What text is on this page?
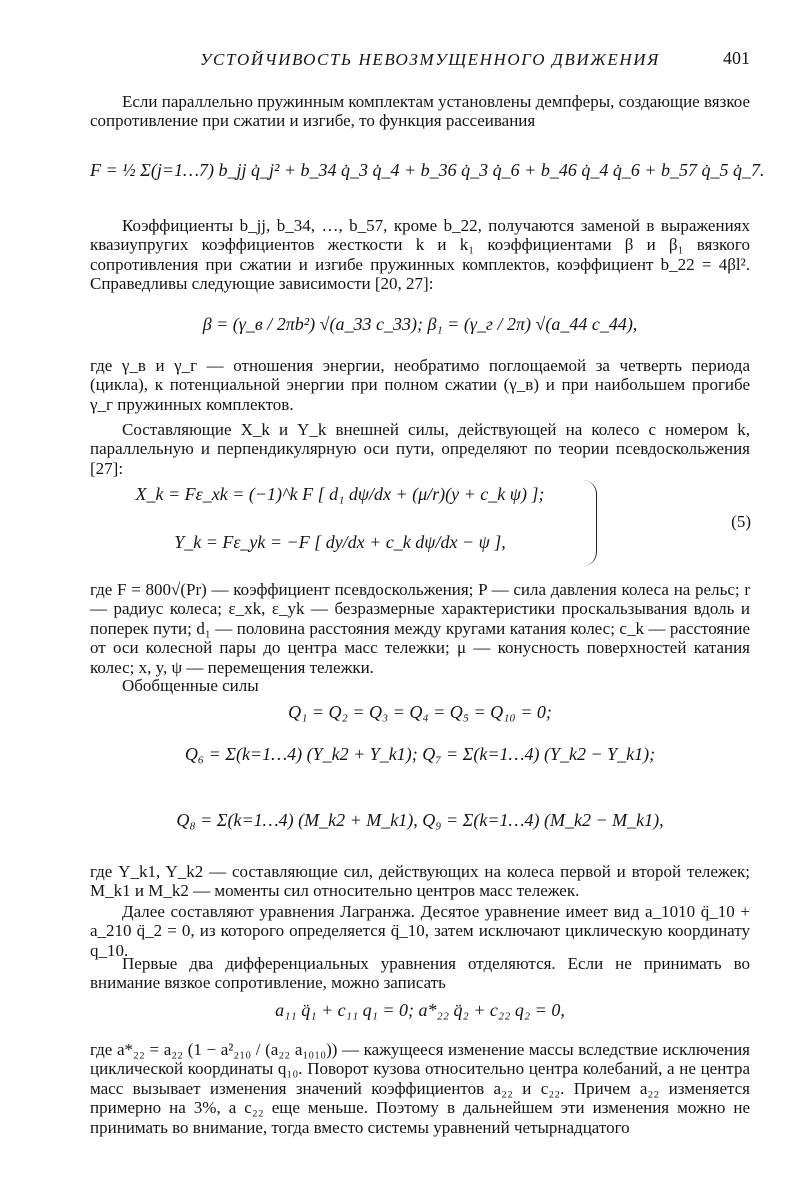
УСТОЙЧИВОСТЬ НЕВОЗМУЩЕННОГО ДВИЖЕНИЯ	401
Если параллельно пружинным комплектам установлены демпферы, создающие вязкое сопротивление при сжатии и изгибе, то функция рассеивания
F = ½ Σ(j=1…7) b_jj q̇_j² + b_34 q̇_3 q̇_4 + b_36 q̇_3 q̇_6 + b_46 q̇_4 q̇_6 + b_57 q̇_5 q̇_7.
Коэффициенты b_jj, b_34, …, b_57, кроме b_22, получаются заменой в выражениях квазиупругих коэффициентов жесткости k и k₁ коэффициентами β и β₁ вязкого сопротивления при сжатии и изгибе пружинных комплектов, коэффициент b_22 = 4βl². Справедливы следующие зависимости [20, 27]:
β = (γ_в / 2πb²) √(a_33 c_33); β₁ = (γ_г / 2π) √(a_44 c_44),
где γ_в и γ_г — отношения энергии, необратимо поглощаемой за четверть периода (цикла), к потенциальной энергии при полном сжатии (γ_в) и при наибольшем прогибе γ_г пружинных комплектов.
Составляющие X_k и Y_k внешней силы, действующей на колесо с номером k, параллельную и перпендикулярную оси пути, определяют по теории псевдоскольжения [27]:
X_k = Fε_xk = (−1)^k F [ d₁ dψ/dx + (μ/r)(y + c_k ψ) ];
Y_k = Fε_yk = −F [ dy/dx + c_k dψ/dx − ψ ],
(5)
где F = 800√(Pr) — коэффициент псевдоскольжения; P — сила давления колеса на рельс; r — радиус колеса; ε_xk, ε_yk — безразмерные характеристики проскальзывания вдоль и поперек пути; d₁ — половина расстояния между кругами катания колес; c_k — расстояние от оси колесной пары до центра масс тележки; μ — конусность поверхностей катания колес; x, y, ψ — перемещения тележки.
Обобщенные силы
Q₁ = Q₂ = Q₃ = Q₄ = Q₅ = Q₁₀ = 0;
Q₆ = Σ(k=1…4) (Y_k2 + Y_k1); Q₇ = Σ(k=1…4) (Y_k2 − Y_k1);
Q₈ = Σ(k=1…4) (M_k2 + M_k1), Q₉ = Σ(k=1…4) (M_k2 − M_k1),
где Y_k1, Y_k2 — составляющие сил, действующих на колеса первой и второй тележек; M_k1 и M_k2 — моменты сил относительно центров масс тележек.
Далее составляют уравнения Лагранжа. Десятое уравнение имеет вид a_1010 q̈_10 + a_210 q̈_2 = 0, из которого определяется q̈_10, затем исключают циклическую координату q_10.
Первые два дифференциальных уравнения отделяются. Если не принимать во внимание вязкое сопротивление, можно записать
a₁₁ q̈₁ + c₁₁ q₁ = 0; a*₂₂ q̈₂ + c₂₂ q₂ = 0,
где a*₂₂ = a₂₂ (1 − a²₂₁₀ / (a₂₂ a₁₀₁₀)) — кажущееся изменение массы вследствие исключения циклической координаты q₁₀. Поворот кузова относительно центра колебаний, а не центра масс вызывает изменения значений коэффициентов a₂₂ и c₂₂. Причем a₂₂ изменяется примерно на 3%, а c₂₂ еще меньше. Поэтому в дальнейшем эти изменения можно не принимать во внимание, тогда вместо системы уравнений четырнадцатого
